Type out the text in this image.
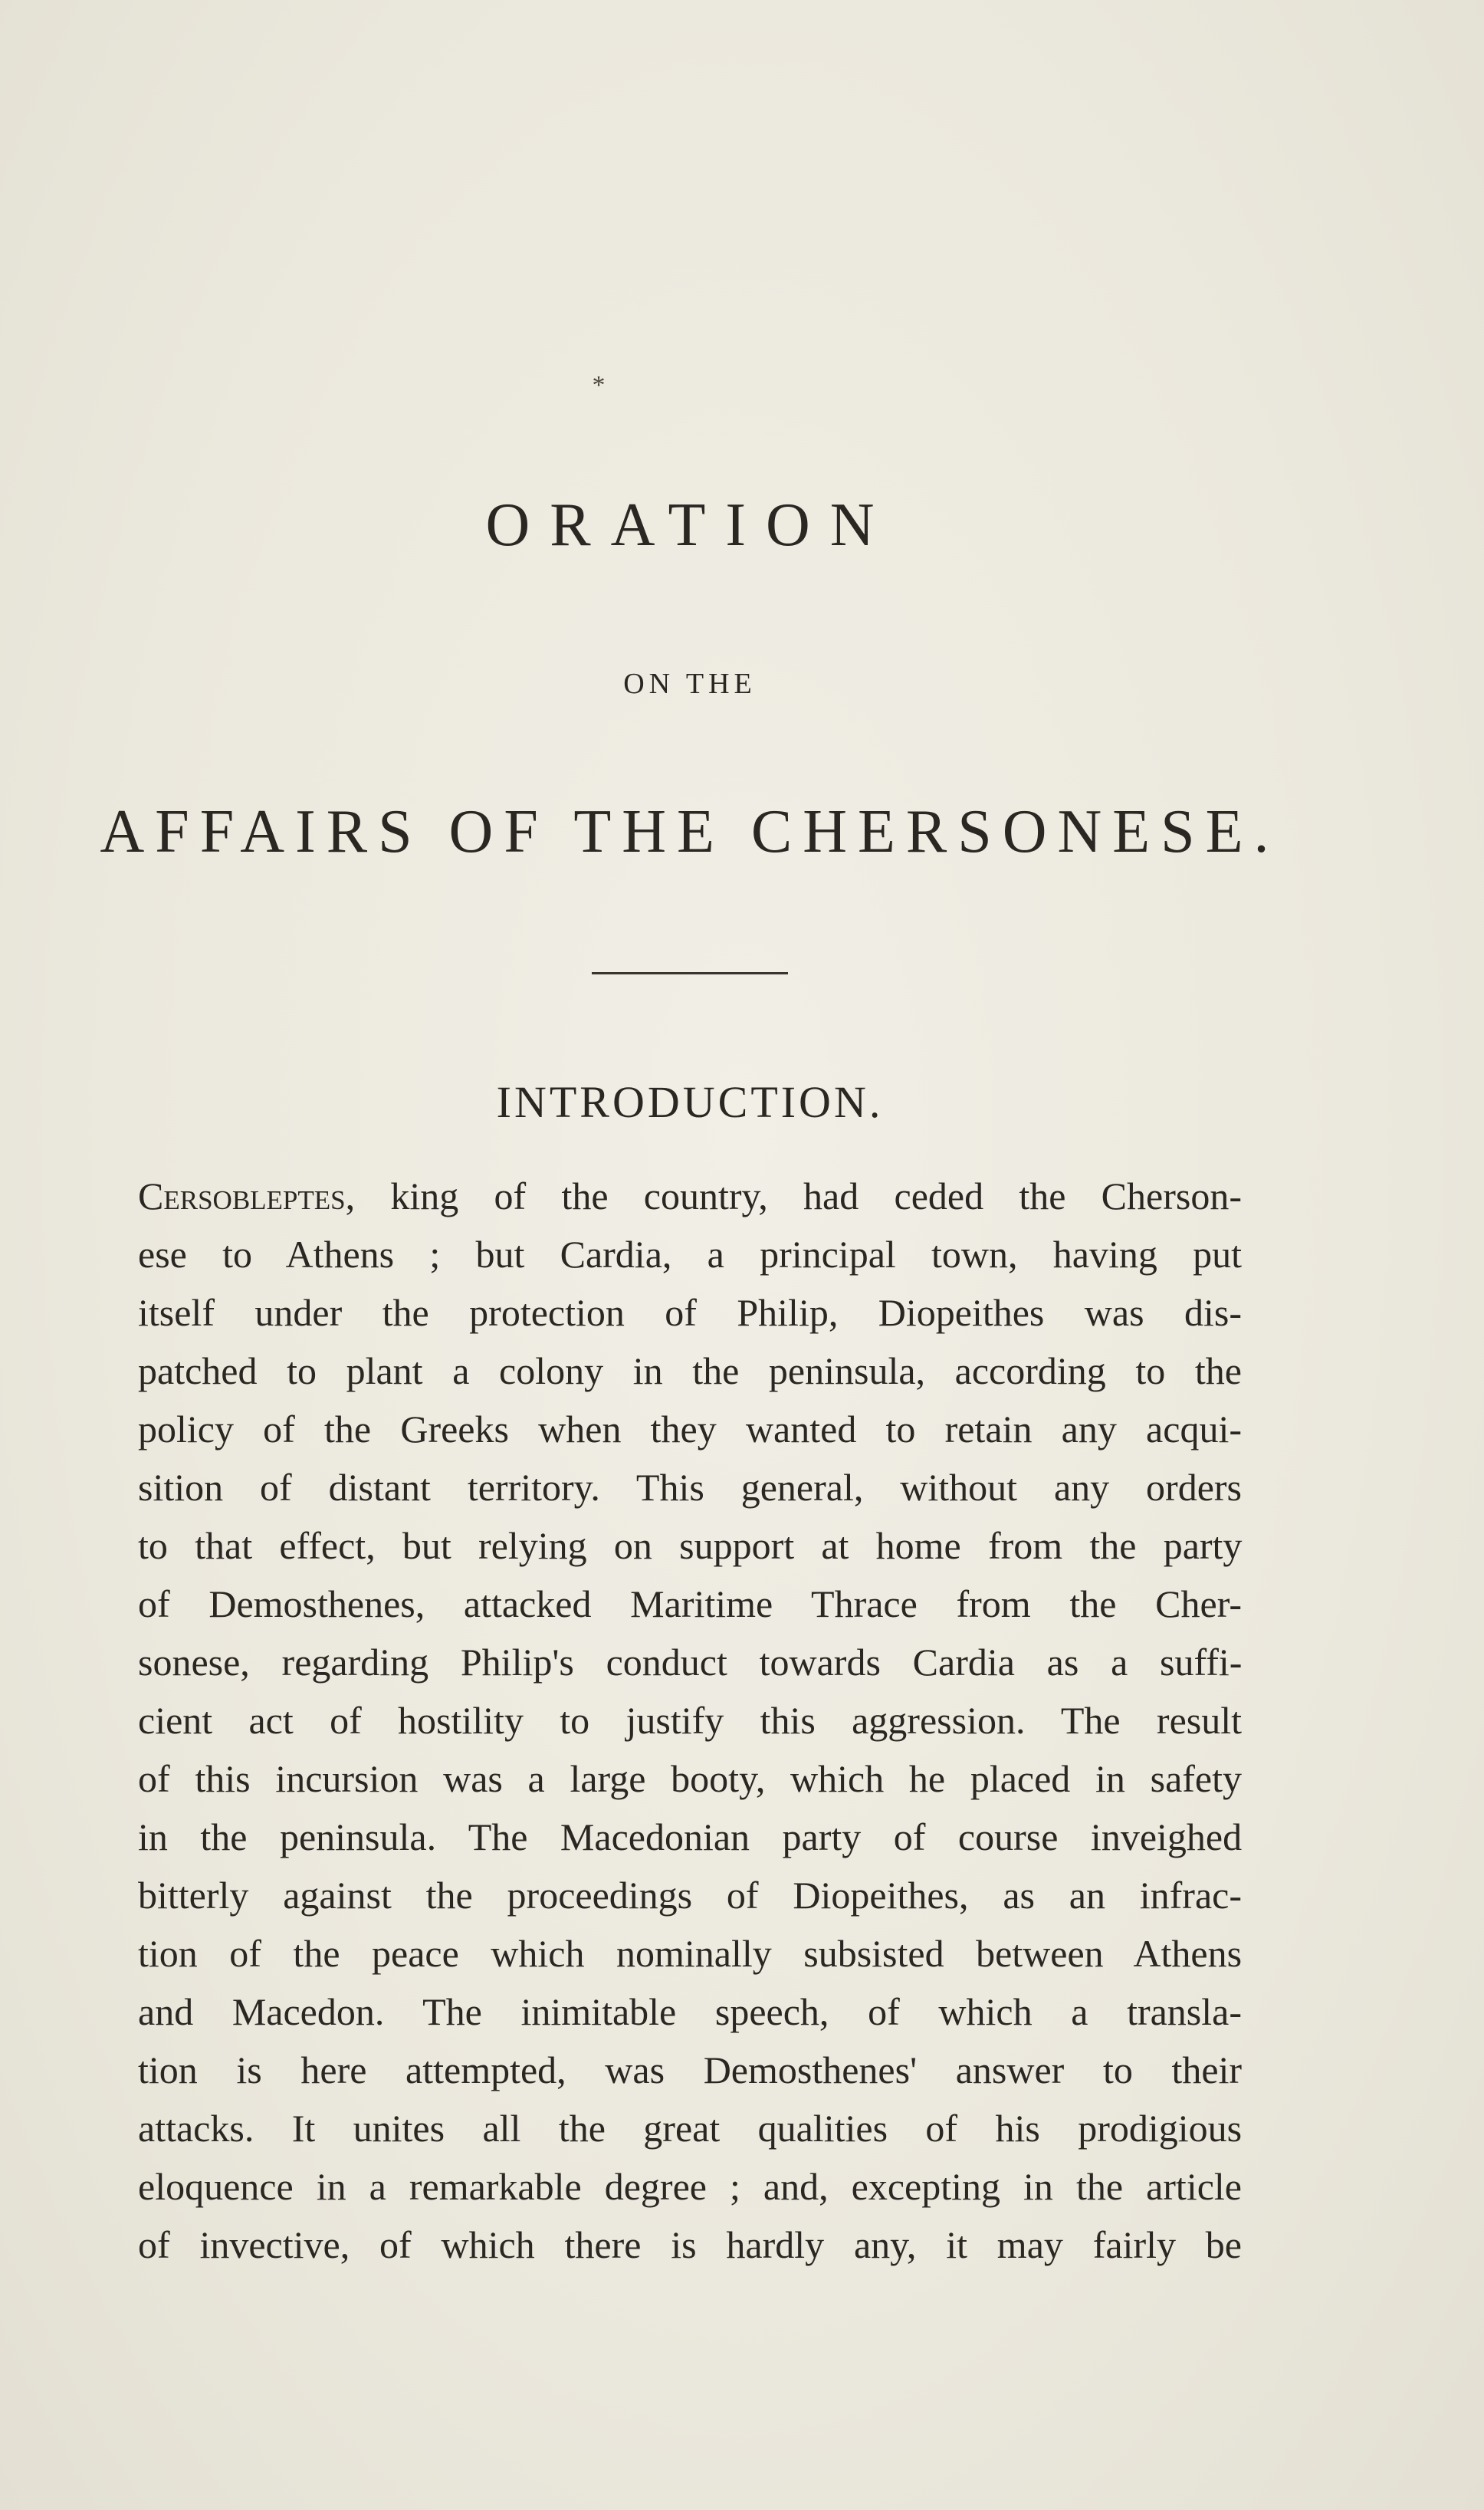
*
ORATION
ON THE
AFFAIRS OF THE CHERSONESE.
INTRODUCTION.
Cersobleptes, king of the country, had ceded the Cherson-
ese to Athens ; but Cardia, a principal town, having put
itself under the protection of Philip, Diopeithes was dis-
patched to plant a colony in the peninsula, according to the
policy of the Greeks when they wanted to retain any acqui-
sition of distant territory. This general, without any orders
to that effect, but relying on support at home from the party
of Demosthenes, attacked Maritime Thrace from the Cher-
sonese, regarding Philip's conduct towards Cardia as a suffi-
cient act of hostility to justify this aggression. The result
of this incursion was a large booty, which he placed in safety
in the peninsula. The Macedonian party of course inveighed
bitterly against the proceedings of Diopeithes, as an infrac-
tion of the peace which nominally subsisted between Athens
and Macedon. The inimitable speech, of which a transla-
tion is here attempted, was Demosthenes' answer to their
attacks. It unites all the great qualities of his prodigious
eloquence in a remarkable degree ; and, excepting in the article
of invective, of which there is hardly any, it may fairly be
